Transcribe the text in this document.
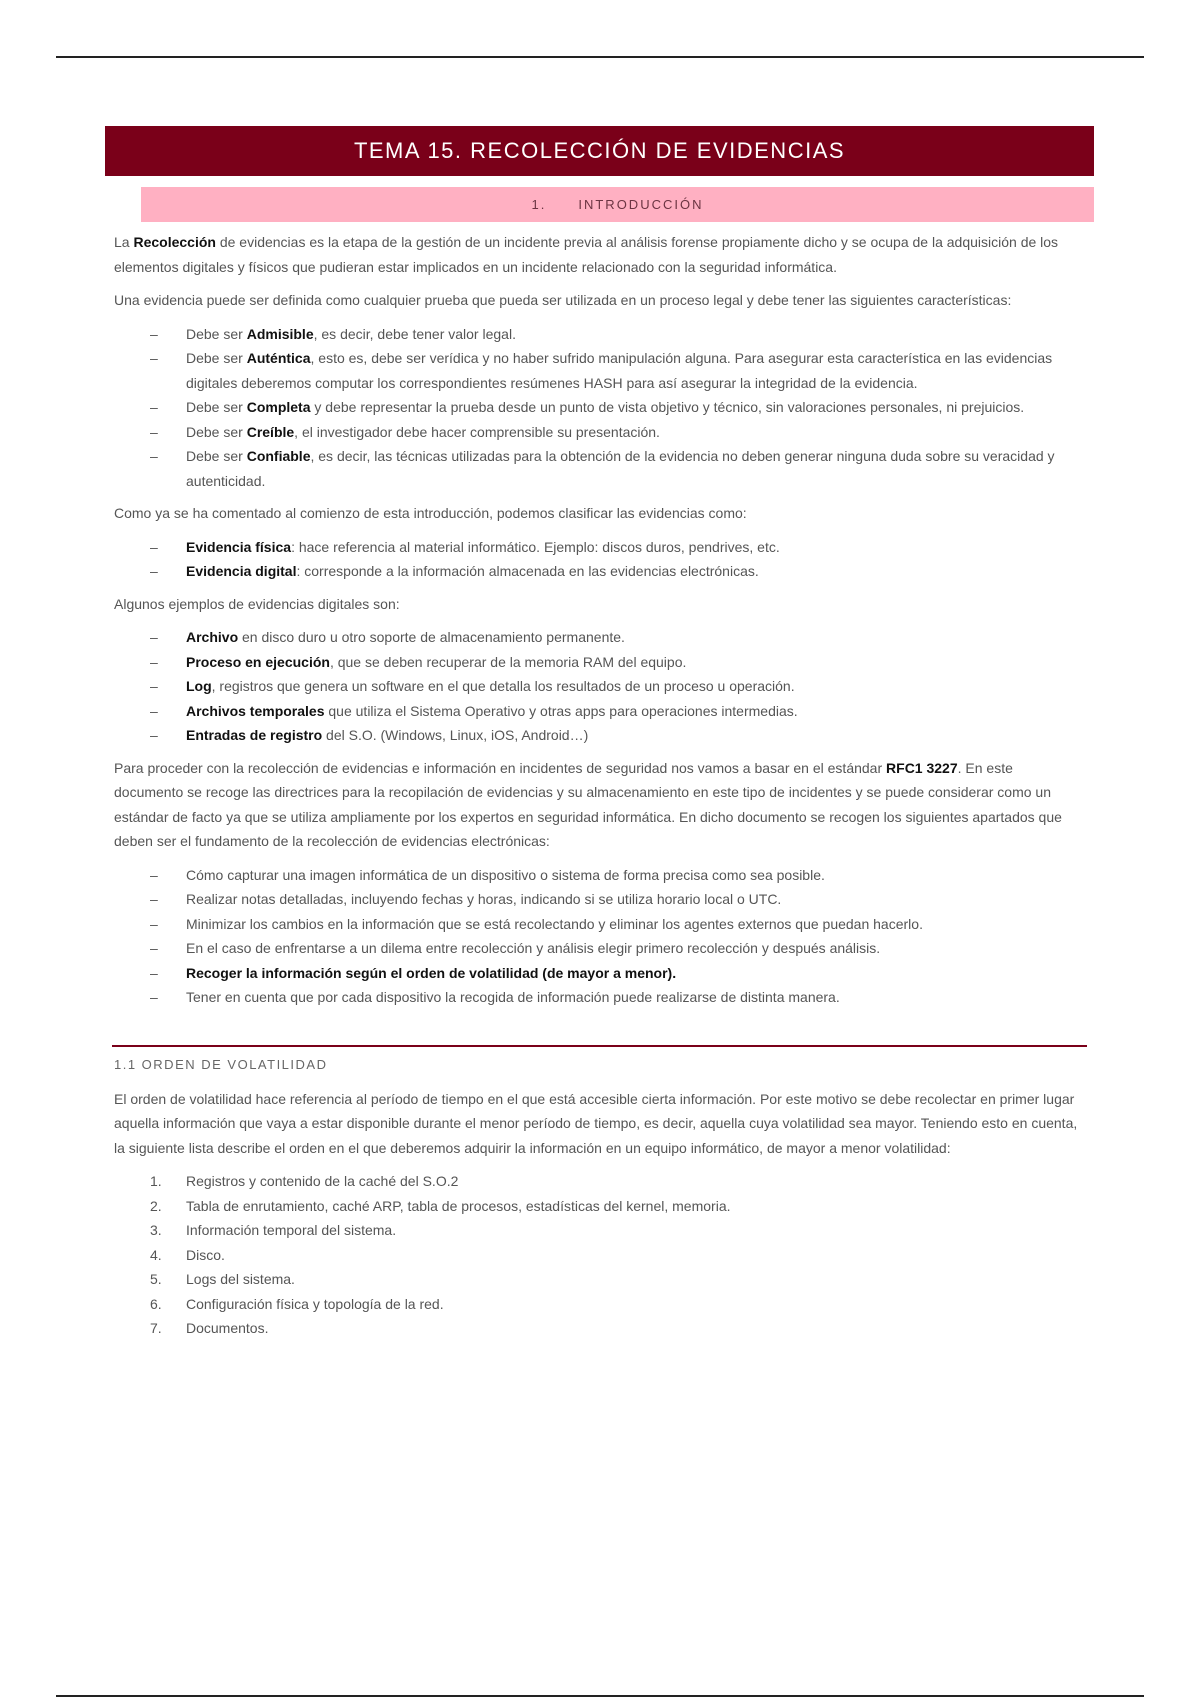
TEMA 15. RECOLECCIÓN DE EVIDENCIAS
1. INTRODUCCIÓN

La Recolección de evidencias es la etapa de la gestión de un incidente previa al análisis forense propiamente dicho y se ocupa de la adquisición de los elementos digitales y físicos que pudieran estar implicados en un incidente relacionado con la seguridad informática.

Una evidencia puede ser definida como cualquier prueba que pueda ser utilizada en un proceso legal y debe tener las siguientes características:

– Debe ser Admisible, es decir, debe tener valor legal.
– Debe ser Auténtica, esto es, debe ser verídica y no haber sufrido manipulación alguna. Para asegurar esta característica en las evidencias digitales deberemos computar los correspondientes resúmenes HASH para así asegurar la integridad de la evidencia.
– Debe ser Completa y debe representar la prueba desde un punto de vista objetivo y técnico, sin valoraciones personales, ni prejuicios.
– Debe ser Creíble, el investigador debe hacer comprensible su presentación.
– Debe ser Confiable, es decir, las técnicas utilizadas para la obtención de la evidencia no deben generar ninguna duda sobre su veracidad y autenticidad.

Como ya se ha comentado al comienzo de esta introducción, podemos clasificar las evidencias como:

– Evidencia física: hace referencia al material informático. Ejemplo: discos duros, pendrives, etc.
– Evidencia digital: corresponde a la información almacenada en las evidencias electrónicas.

Algunos ejemplos de evidencias digitales son:

– Archivo en disco duro u otro soporte de almacenamiento permanente.
– Proceso en ejecución, que se deben recuperar de la memoria RAM del equipo.
– Log, registros que genera un software en el que detalla los resultados de un proceso u operación.
– Archivos temporales que utiliza el Sistema Operativo y otras apps para operaciones intermedias.
– Entradas de registro del S.O. (Windows, Linux, iOS, Android…)

Para proceder con la recolección de evidencias e información en incidentes de seguridad nos vamos a basar en el estándar RFC1 3227. En este documento se recoge las directrices para la recopilación de evidencias y su almacenamiento en este tipo de incidentes y se puede considerar como un estándar de facto ya que se utiliza ampliamente por los expertos en seguridad informática. En dicho documento se recogen los siguientes apartados que deben ser el fundamento de la recolección de evidencias electrónicas:

– Cómo capturar una imagen informática de un dispositivo o sistema de forma precisa como sea posible.
– Realizar notas detalladas, incluyendo fechas y horas, indicando si se utiliza horario local o UTC.
– Minimizar los cambios en la información que se está recolectando y eliminar los agentes externos que puedan hacerlo.
– En el caso de enfrentarse a un dilema entre recolección y análisis elegir primero recolección y después análisis.
– Recoger la información según el orden de volatilidad (de mayor a menor).
– Tener en cuenta que por cada dispositivo la recogida de información puede realizarse de distinta manera.
1.1 ORDEN DE VOLATILIDAD

El orden de volatilidad hace referencia al período de tiempo en el que está accesible cierta información. Por este motivo se debe recolectar en primer lugar aquella información que vaya a estar disponible durante el menor período de tiempo, es decir, aquella cuya volatilidad sea mayor. Teniendo esto en cuenta, la siguiente lista describe el orden en el que deberemos adquirir la información en un equipo informático, de mayor a menor volatilidad:

1. Registros y contenido de la caché del S.O.2
2. Tabla de enrutamiento, caché ARP, tabla de procesos, estadísticas del kernel, memoria.
3. Información temporal del sistema.
4. Disco.
5. Logs del sistema.
6. Configuración física y topología de la red.
7. Documentos.
